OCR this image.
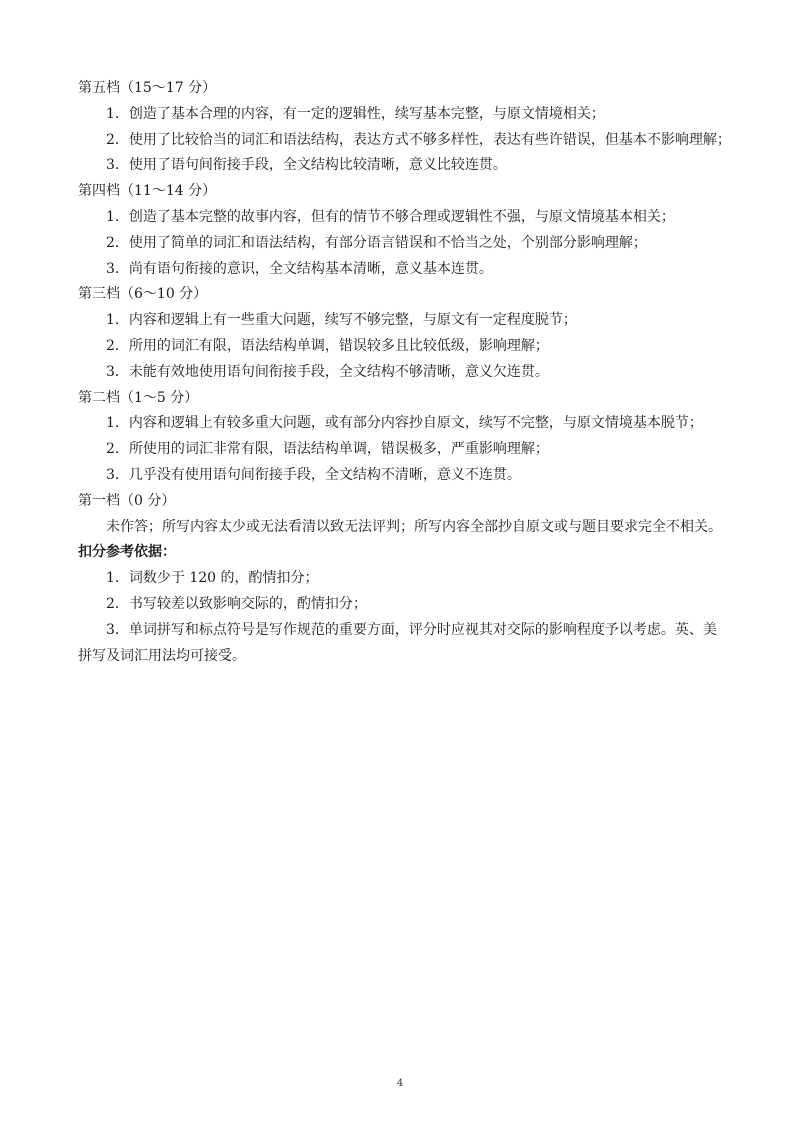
第五档（15～17 分）
1．创造了基本合理的内容，有一定的逻辑性，续写基本完整，与原文情境相关；
2．使用了比较恰当的词汇和语法结构，表达方式不够多样性，表达有些许错误，但基本不影响理解；
3．使用了语句间衔接手段，全文结构比较清晰，意义比较连贯。
第四档（11～14 分）
1．创造了基本完整的故事内容，但有的情节不够合理或逻辑性不强，与原文情境基本相关；
2．使用了简单的词汇和语法结构，有部分语言错误和不恰当之处，个别部分影响理解；
3．尚有语句衔接的意识，全文结构基本清晰，意义基本连贯。
第三档（6～10 分）
1．内容和逻辑上有一些重大问题，续写不够完整，与原文有一定程度脱节；
2．所用的词汇有限，语法结构单调，错误较多且比较低级，影响理解；
3．未能有效地使用语句间衔接手段，全文结构不够清晰，意义欠连贯。
第二档（1～5 分）
1．内容和逻辑上有较多重大问题，或有部分内容抄自原文，续写不完整，与原文情境基本脱节；
2．所使用的词汇非常有限，语法结构单调，错误极多，严重影响理解；
3．几乎没有使用语句间衔接手段，全文结构不清晰，意义不连贯。
第一档（0 分）
未作答；所写内容太少或无法看清以致无法评判；所写内容全部抄自原文或与题目要求完全不相关。
扣分参考依据：
1．词数少于 120 的，酌情扣分；
2．书写较差以致影响交际的，酌情扣分；
3．单词拼写和标点符号是写作规范的重要方面，评分时应视其对交际的影响程度予以考虑。英、美
拼写及词汇用法均可接受。
4
